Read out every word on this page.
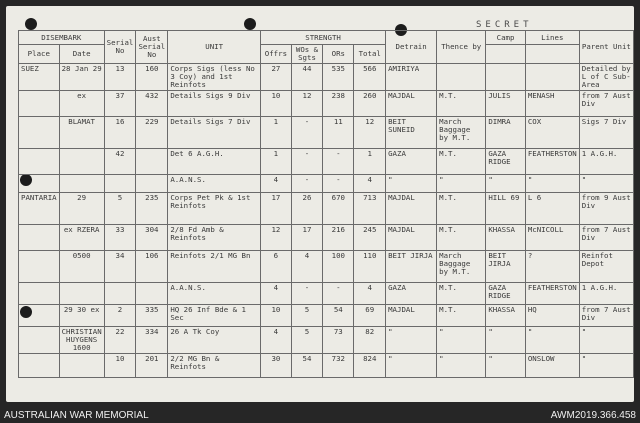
SECRET
DISEMBARK		Serial No	Aust Serial No	UNIT	STRENGTH				Detrain	Thence by	Camp	Lines	Parent Unit
Place	Date				Offrs	WOs & Sgts	ORs	Total					
SUEZ	28 Jan 29	13	160	Corps Sigs (less No 3 Coy) and 1st Reinfots	27	44	535	566	AMIRIYA				Detailed by L of C Sub-Area
	ex	37	432	Details Sigs 9 Div	10	12	238	260	MAJDAL	M.T.	JULIS	MENASH	from 7 Aust Div
	BLAMAT	16	229	Details Sigs 7 Div	1	-	11	12	BEIT SUNEID	March Baggage by M.T.	DIMRA	COX	Sigs 7 Div
		42		Det 6 A.G.H.	1	-	-	1	GAZA	M.T.	GAZA RIDGE	FEATHERSTON	1 A.G.H.
				A.A.N.S.	4	-	-	4	"	"	"	"	"
PANTARIA	29	5	235	Corps Pet Pk & 1st Reinfots	17	26	670	713	MAJDAL	M.T.	HILL 69	L 6	from 9 Aust Div
	ex RZERA	33	304	2/8 Fd Amb & Reinfots	12	17	216	245	MAJDAL	M.T.	KHASSA	McNICOLL	from 7 Aust Div
	0500	34	106	Reinfots 2/1 MG Bn	6	4	100	110	BEIT JIRJA	March Baggage by M.T.	BEIT JIRJA	?	Reinfot Depot
				A.A.N.S.	4	-	-	4	GAZA	M.T.	GAZA RIDGE	FEATHERSTON	1 A.G.H.
	29 30 ex	2	335	HQ 26 Inf Bde & 1 Sec	10	5	54	69	MAJDAL	M.T.	KHASSA	HQ	from 7 Aust Div
	CHRISTIAN HUYGENS 1600	22	334	26 A Tk Coy	4	5	73	82	"	"	"	"	"
		10	201	2/2 MG Bn & Reinfots	30	54	732	824	"	"	"	ONSLOW	"
AUSTRALIAN WAR MEMORIAL	AWM2019.366.458
